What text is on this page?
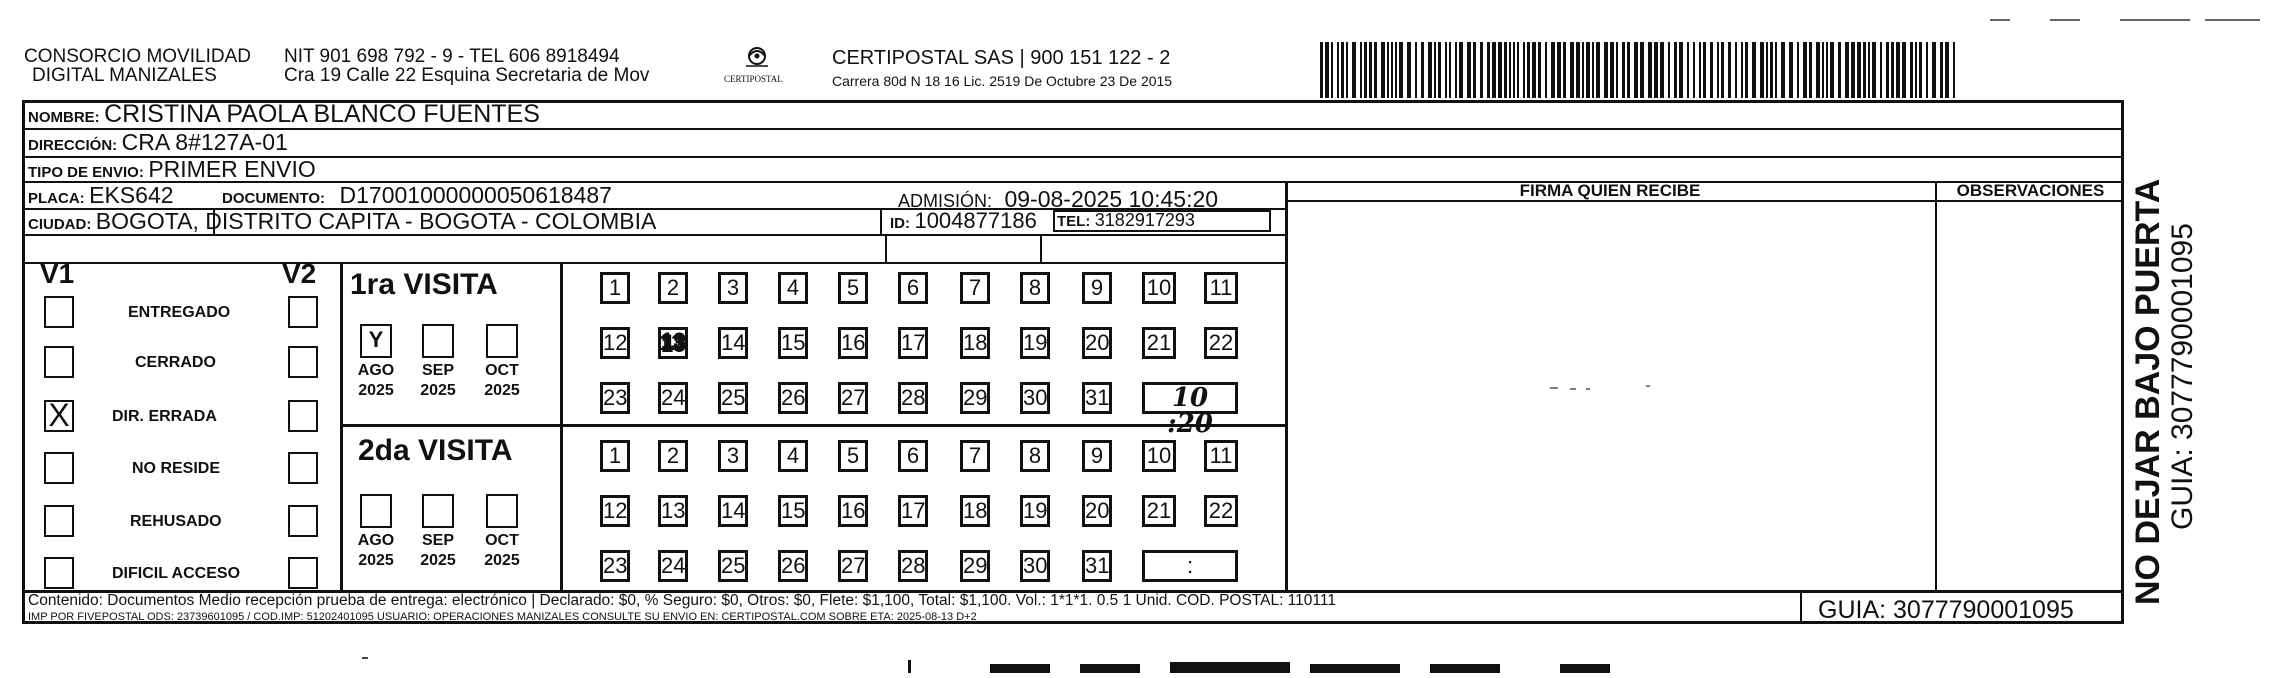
CONSORCIO MOVILIDAD
DIGITAL MANIZALES
NIT 901 698 792 - 9 - TEL 606 8918494
Cra 19 Calle 22 Esquina Secretaria de Mov	CERTIPOSTAL
CERTIPOSTAL SAS | 900 151 122 - 2
Carrera 80d N 18 16 Lic. 2519 De Octubre 23 De 2015
NOMBRE: CRISTINA PAOLA BLANCO FUENTES
DIRECCIÓN: CRA 8#127A-01
TIPO DE ENVIO: PRIMER ENVIO
PLACA: EKS642	DOCUMENTO: D17001000000050618487	ADMISIÓN: 09-08-2025 10:45:20
CIUDAD: BOGOTA, DISTRITO CAPITA - BOGOTA - COLOMBIA	ID: 1004877186 TEL: 3182917293
FIRMA QUIEN RECIBE	OBSERVACIONES
V1	V2
ENTREGADO
CERRADO
X	DIR. ERRADA
NO RESIDE
REHUSADO
DIFICIL ACCESO
1ra VISITA
Y
AGO
2025
SEP
2025
OCT
2025
1	2	3	4	5	6	7	8	9	10 11
12 13 14 15 16 17 18 19 20 21 22
23 24 25 26 27 28 29 30 31	10 :20
2da VISITA
AGO
2025
SEP
2025
OCT
2025
1	2	3	4	5	6	7	8	9	10 11
12 13 14 15 16 17 18 19 20 21 22
23 24 25 26 27 28 29 30 31	:
Contenido: Documentos Medio recepción prueba de entrega: electrónico | Declarado: $0, % Seguro: $0, Otros: $0, Flete: $1,100, Total: $1,100. Vol.: 1*1*1. 0.5 1 Unid. COD. POSTAL: 110111
IMP POR FIVEPOSTAL ODS: 23739601095 / COD.IMP: 51202401095 USUARIO: OPERACIONES MANIZALES CONSULTE SU ENVIO EN: CERTIPOSTAL.COM SOBRE ETA: 2025-08-13 D+2	GUIA: 3077790001095
NO DEJAR BAJO PUERTA GUIA: 3077790001095
